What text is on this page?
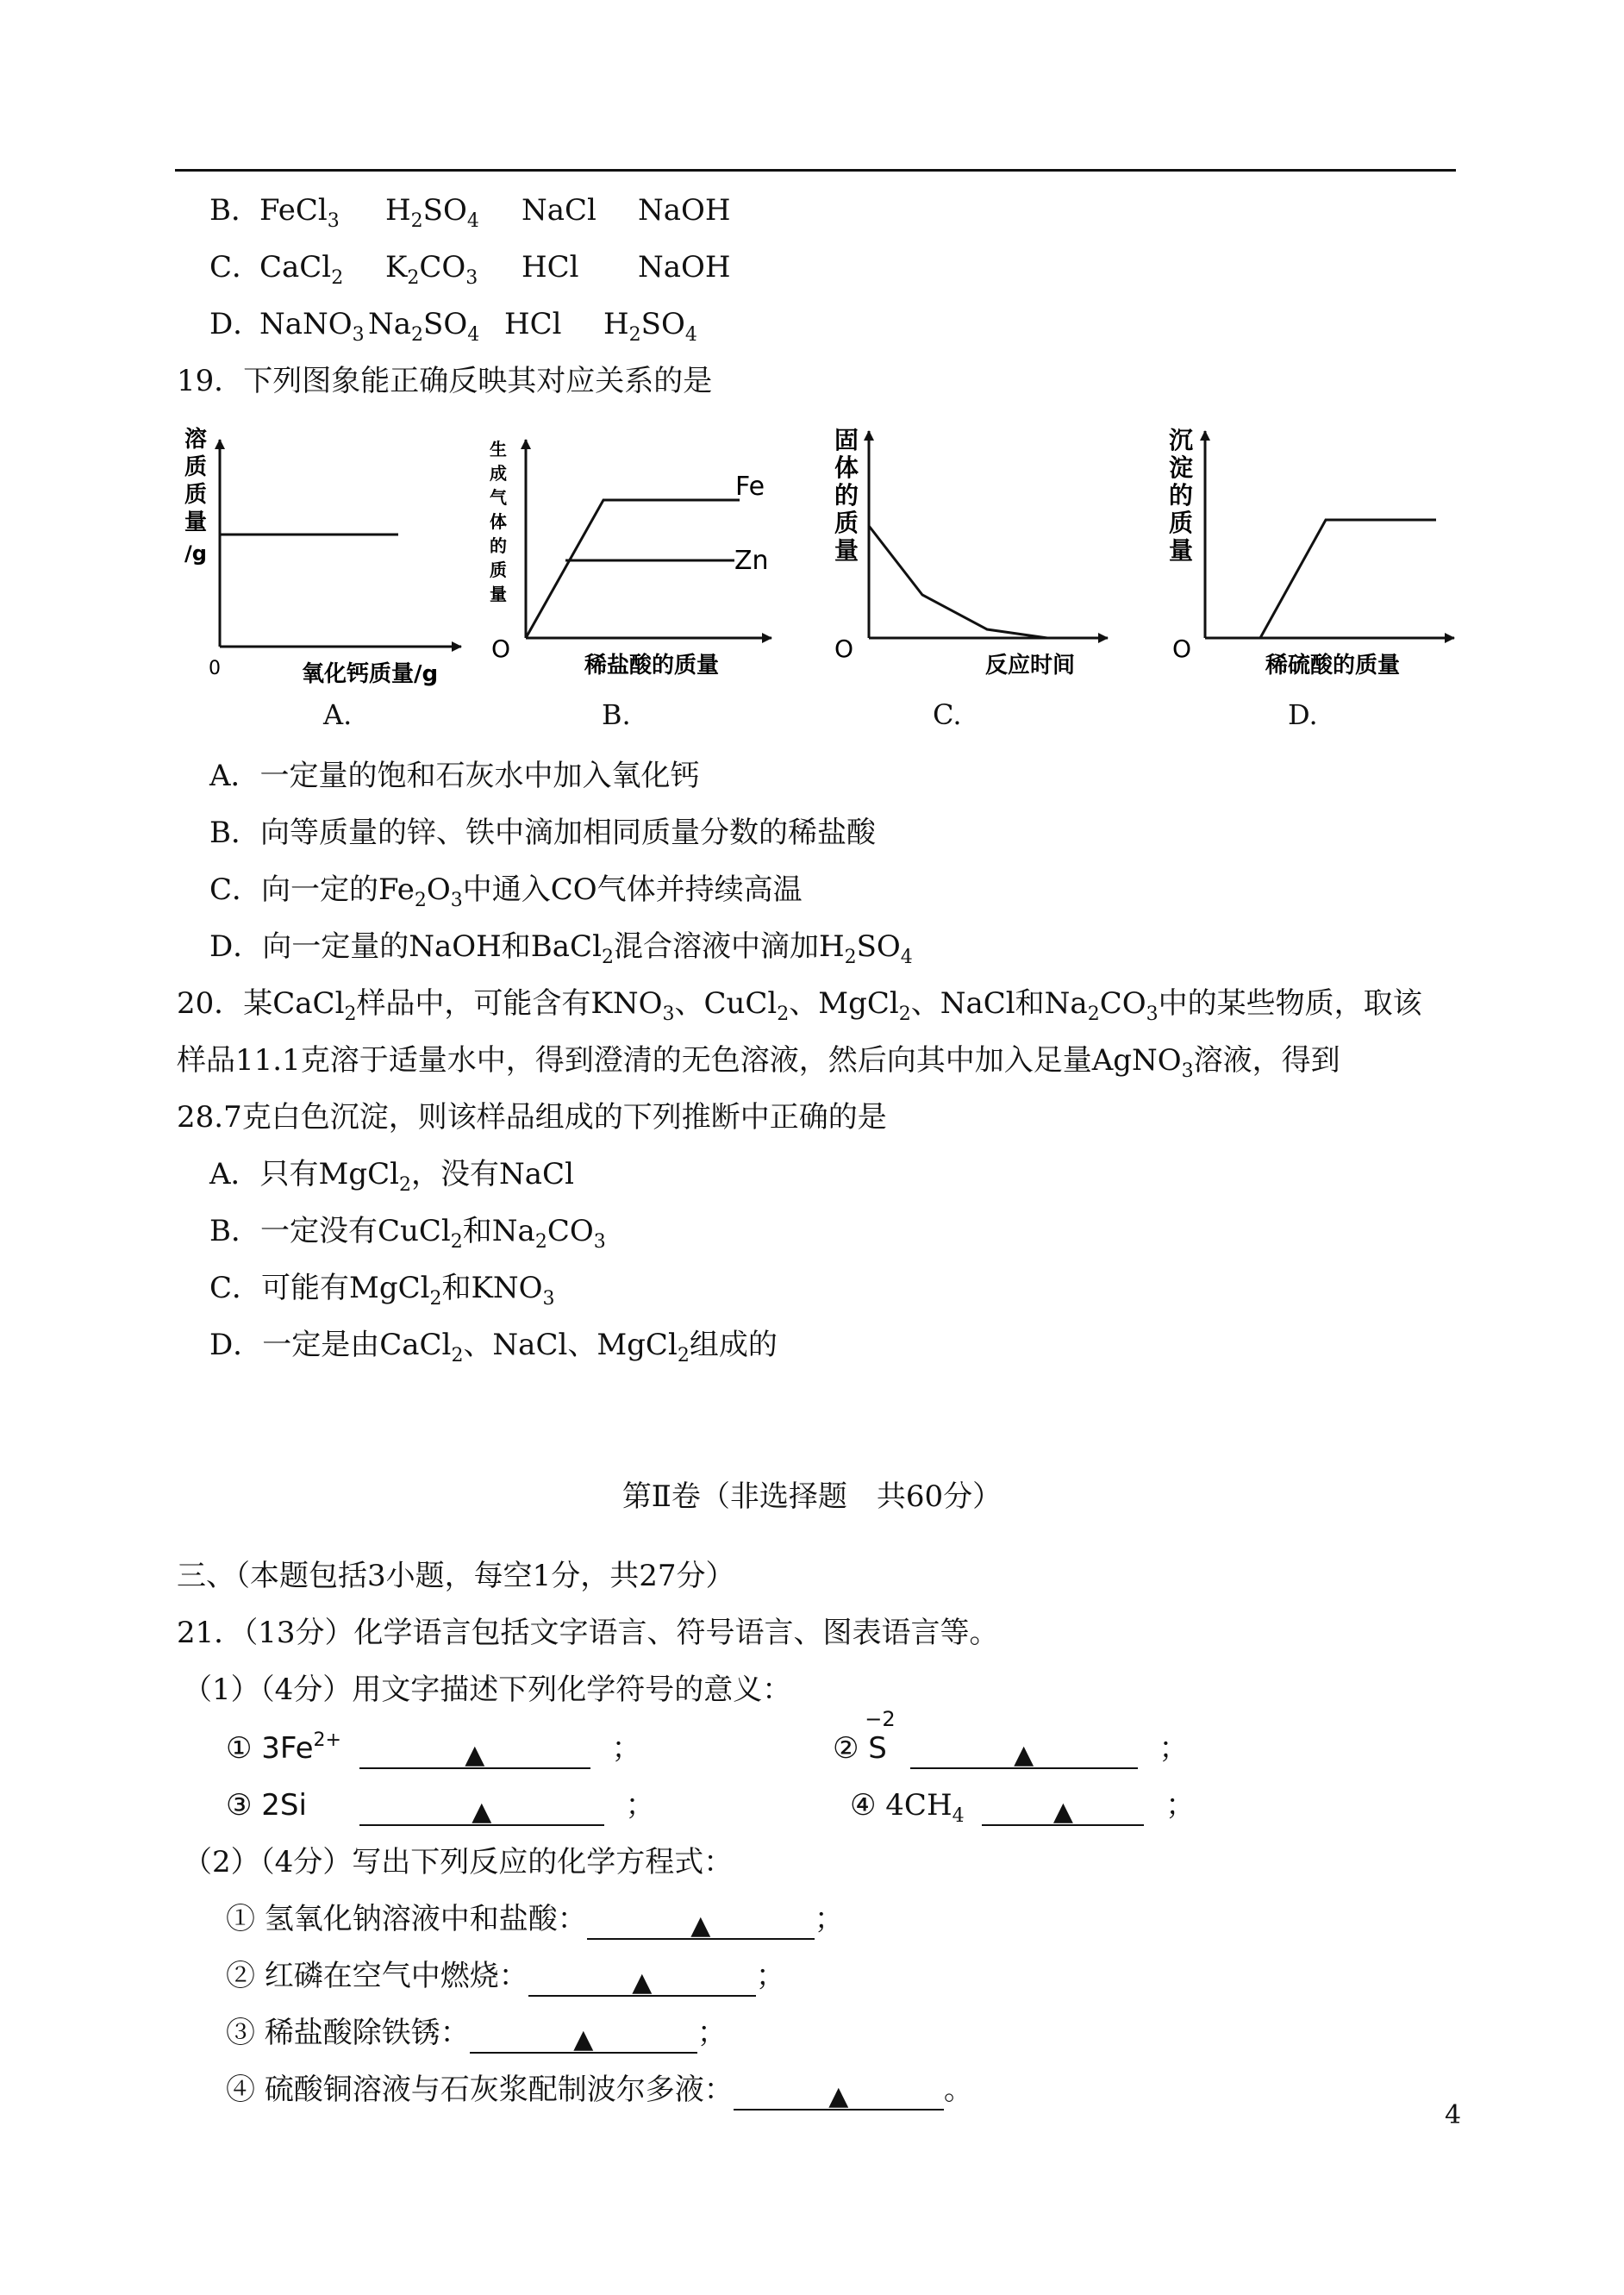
B． FeCl$_3$ $H_2SO_4$ NaCl NaOH
C．
CaCl$_2$ $K_2CO_3$ HCl NaOH
D．
NaNO$_3$ $Na_2SO_4$ HCl $H_2SO_4$
19．下列图象能正确反映其对应关系的是
溶
质
质
量
/g
0	氧化钙质量/g
生
成
气
体
的
质
量
O
稀盐酸的质量
Fe
Zn
固
体
的
质
量
O
反应时间
沉
淀
的
质
量
O
稀硫酸的质量
A.	B.	C.	D.
A．一定量的饱和石灰水中加入氧化钙
B．向等质量的锌、铁中滴加相同质量分数的稀盐酸
C．向一定的$Fe_2O_3$中通入CO气体并持续高温
D．向一定量的NaOH和BaCl$_2$混合溶液中滴加$H_2SO_4$
20．某CaCl$_2$样品中，可能含有$KNO_3$、CuCl$_2$、MgCl$_2$、NaCl和$Na_2CO_3$中的某些物质，取该
样品11.1克溶于适量水中，得到澄清的无色溶液，然后向其中加入足量AgNO$_3$溶液，得到
28.7克白色沉淀，则该样品组成的下列推断中正确的是
A．只有MgCl$_2$，没有NaCl
B．一定没有CuCl$_2$和$Na_2CO_3$
C．可能有MgCl$_2$和$KNO_3$
D．一定是由CaCl$_2$、NaCl、MgCl$_2$组成的
第Ⅱ卷（非选择题　共60分）
三、（本题包括3小题，每空1分，共27分）
21．（13分）化学语言包括文字语言、符号语言、图表语言等。
（1）（4分）用文字描述下列化学符号的意义：
① $3Fe^{2+}$	▲	；	②
−2
S	▲	；
③ 2Si	▲	；	④ $4CH_4$	▲	；
（2）（4分）写出下列反应的化学方程式：
① 氢氧化钠溶液中和盐酸：	▲	；
② 红磷在空气中燃烧：	▲	；
③ 稀盐酸除铁锈：	▲	；
④ 硫酸铜溶液与石灰浆配制波尔多液：	▲	。
4
